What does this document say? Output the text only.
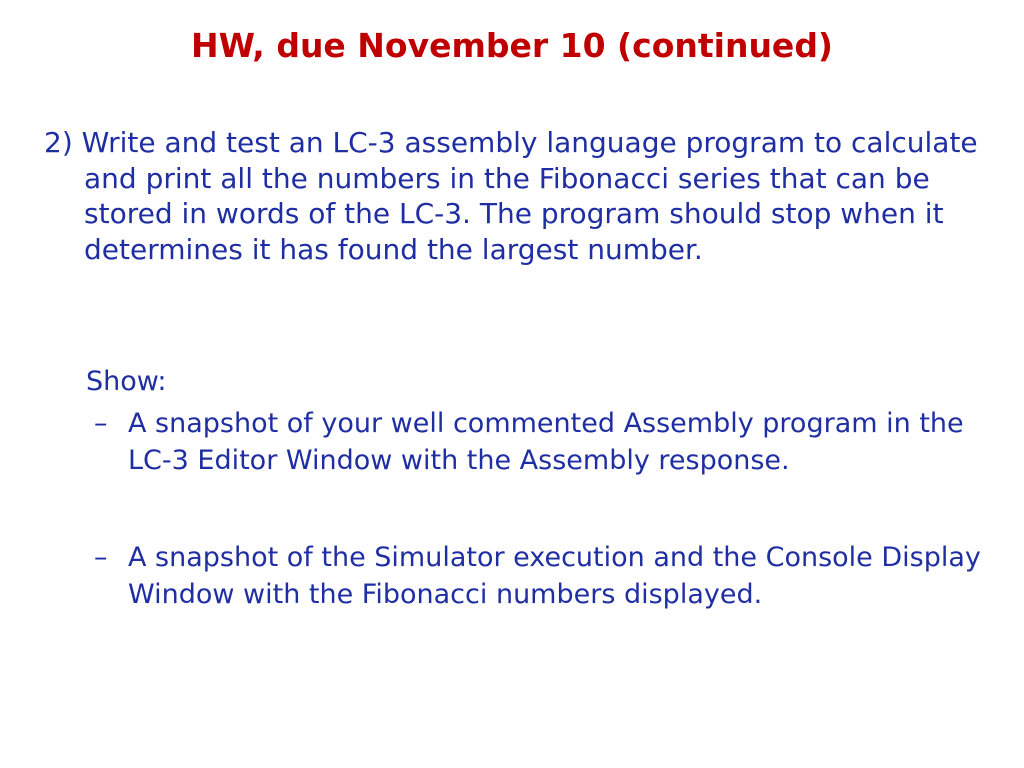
HW, due November 10 (continued)

2) Write and test an LC-3 assembly language program to calculate and print all the numbers in the Fibonacci series that can be stored in words of the LC-3. The program should stop when it determines it has found the largest number.

Show:

– A snapshot of your well commented Assembly program in the LC-3 Editor Window with the Assembly response.

– A snapshot of the Simulator execution and the Console Display Window with the Fibonacci numbers displayed.
